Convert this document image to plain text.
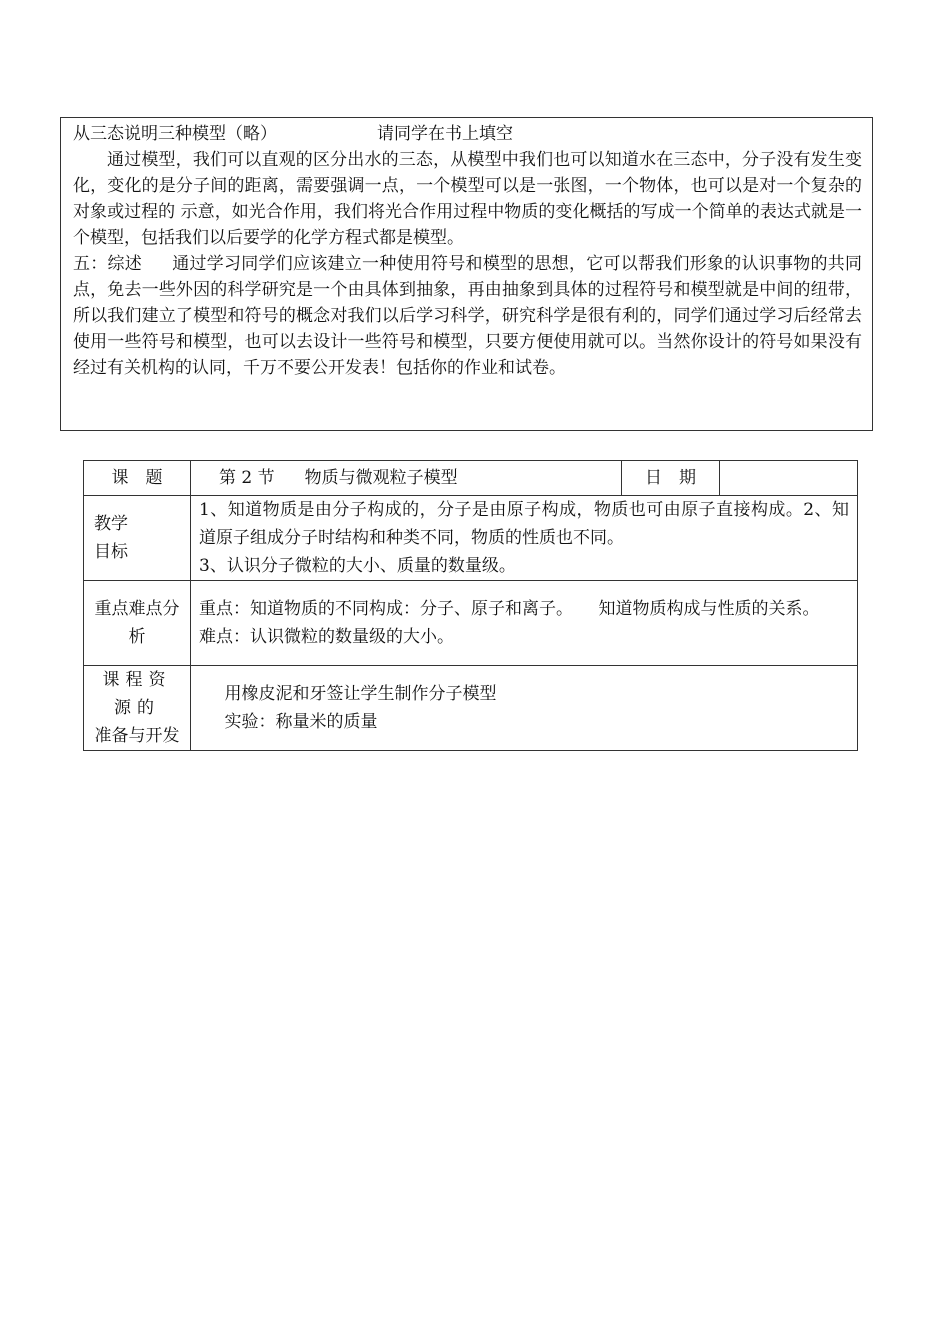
从三态说明三种模型（略）	请同学在书上填空

通过模型，我们可以直观的区分出水的三态，从模型中我们也可以知道水在三态中，分子没有发生变化，变化的是分子间的距离，需要强调一点，一个模型可以是一张图，一个物体，也可以是对一个复杂的对象或过程的 示意，如光合作用，我们将光合作用过程中物质的变化概括的写成一个简单的表达式就是一个模型，包括我们以后要学的化学方程式都是模型。

五：综述 通过学习同学们应该建立一种使用符号和模型的思想，它可以帮我们形象的认识事物的共同点，免去一些外因的科学研究是一个由具体到抽象，再由抽象到具体的过程符号和模型就是中间的纽带，所以我们建立了模型和符号的概念对我们以后学习科学，研究科学是很有利的，同学们通过学习后经常去使用一些符号和模型，也可以去设计一些符号和模型，只要方便使用就可以。当然你设计的符号如果没有经过有关机构的认同，千万不要公开发表！包括你的作业和试卷。

课　题	第 2 节 物质与微观粒子模型	日　期	

教学
目标	1、知道物质是由分子构成的，分子是由原子构成，物质也可由原子直接构成。2、知道原子组成分子时结构和种类不同，物质的性质也不同。
3、认识分子微粒的大小、质量的数量级。		

重点难点分析	重点：知道物质的不同构成：分子、原子和离子。　　知道物质构成与性质的关系。
难点：认识微粒的数量级的大小。		

课程资源的
准备与开发	用橡皮泥和牙签让学生制作分子模型
实验：称量米的质量		
